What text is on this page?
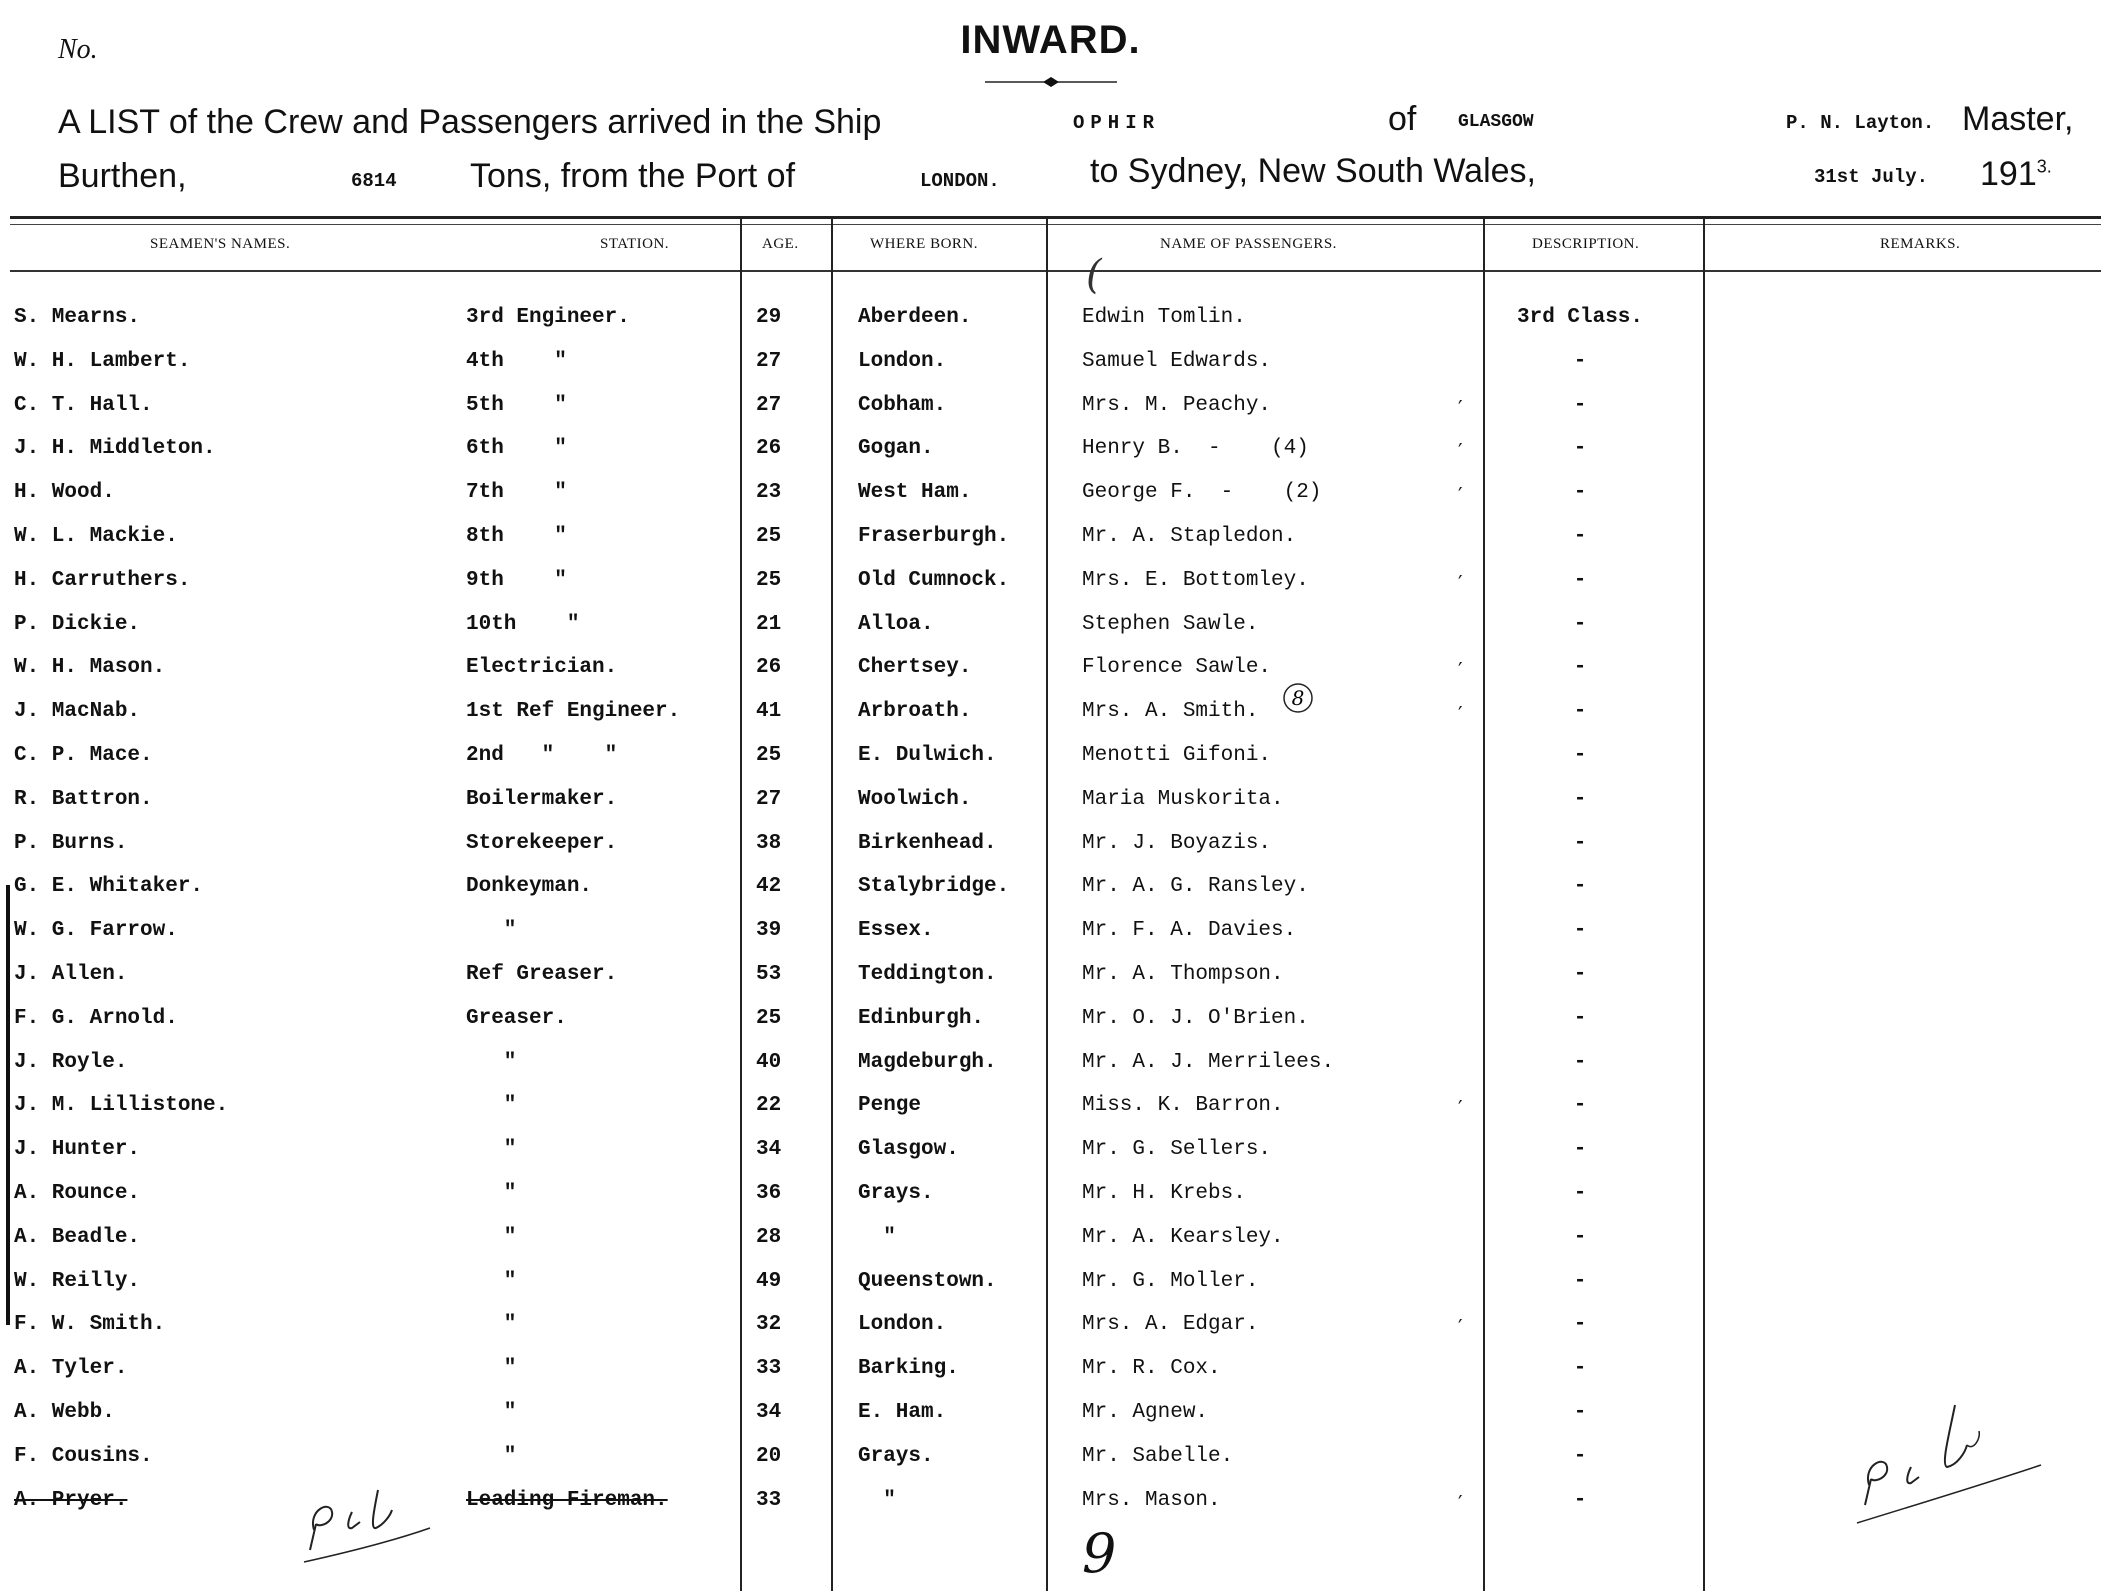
No.	INWARD.
A LIST of the Crew and Passengers arrived in the Ship	OPHIR	of GLASGOW	P. N. Layton. Master,
Burthen,	6814 Tons, from the Port of	LONDON.	to Sydney, New South Wales,	31st July. $191^{3.}$
SEAMEN'S NAMES.	STATION.	AGE.	WHERE BORN.	NAME OF PASSENGERS.	DESCRIPTION.	REMARKS.
S. Mearns.	3rd Engineer.	29	Aberdeen.	Edwin Tomlin.	3rd Class.
W. H. Lambert.	4th    "	27	London.	Samuel Edwards.	-
C. T. Hall.	5th    "	27	Cobham.	Mrs. M. Peachy.	-
′
J. H. Middleton.	6th    "	26	Gogan.	Henry B.  -    (4)	-
′
H. Wood.	7th    "	23	West Ham.	George F.  -    (2)	-
′
W. L. Mackie.	8th    "	25	Fraserburgh.	Mr. A. Stapledon.	-
H. Carruthers.	9th    "	25	Old Cumnock.	Mrs. E. Bottomley.	-
′
P. Dickie.	10th    "	21	Alloa.	Stephen Sawle.	-
W. H. Mason.	Electrician.	26	Chertsey.	Florence Sawle.	-
′
J. MacNab.	1st Ref Engineer.	41	Arbroath.	Mrs. A. Smith.	-
′
C. P. Mace.	2nd   "    "	25	E. Dulwich.	Menotti Gifoni.	-
R. Battron.	Boilermaker.	27	Woolwich.	Maria Muskorita.	-
P. Burns.	Storekeeper.	38	Birkenhead.	Mr. J. Boyazis.	-
G. E. Whitaker.	Donkeyman.	42	Stalybridge.	Mr. A. G. Ransley.	-
W. G. Farrow.	"	39	Essex.	Mr. F. A. Davies.	-
J. Allen.	Ref Greaser.	53	Teddington.	Mr. A. Thompson.	-
F. G. Arnold.	Greaser.	25	Edinburgh.	Mr. O. J. O'Brien.	-
J. Royle.	"	40	Magdeburgh.	Mr. A. J. Merrilees.	-
J. M. Lillistone.	"	22	Penge	Miss. K. Barron.	-
′
J. Hunter.	"	34	Glasgow.	Mr. G. Sellers.	-
A. Rounce.	"	36	Grays.	Mr. H. Krebs.	-
A. Beadle.	"	28	"	Mr. A. Kearsley.	-
W. Reilly.	"	49	Queenstown.	Mr. G. Moller.	-
F. W. Smith.	"	32	London.	Mrs. A. Edgar.	-
′
A. Tyler.	"	33	Barking.	Mr. R. Cox.	-
A. Webb.	"	34	E. Ham.	Mr. Agnew.	-
F. Cousins.	"	20	Grays.	Mr. Sabelle.	-
A. Pryer.	Leading Fireman.	33	"	Mrs. Mason.	-
′
(
8
9
